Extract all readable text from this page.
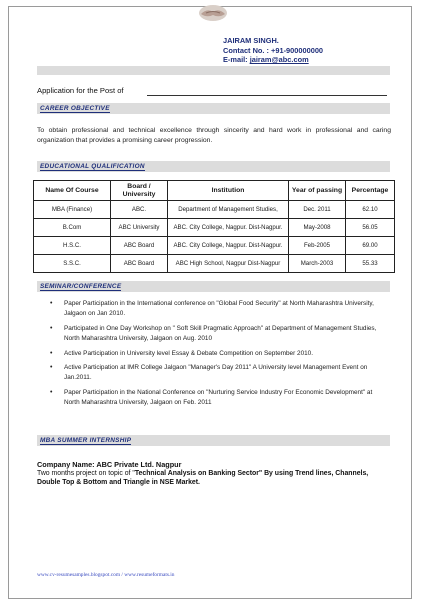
JAIRAM SINGH.
Contact No. : +91-900000000
E-mail: jairam@abc.com
Application for the Post of
CAREER OBJECTIVE
To obtain professional and technical excellence through sincerity and hard work in professional and caring organization that provides a promising career progression.
EDUCATIONAL QUALIFICATION
Name Of Course	Board / University	Institution	Year of passing	Percentage
MBA (Finance)	ABC.	Department of Management Studies,	Dec. 2011	62.10
B.Com	ABC University	ABC. City College, Nagpur. Dist-Nagpur.	May-2008	56.05
H.S.C.	ABC Board	ABC. City College, Nagpur. Dist-Nagpur.	Feb-2005	69.00
S.S.C.	ABC Board	ABC High School, Nagpur Dist-Nagpur	March-2003	55.33
SEMINAR/CONFERENCE
• Paper Participation in the International conference on "Global Food Security" at North Maharashtra University, Jalgaon on Jan 2010.
• Participated in One Day Workshop on " Soft Skill Pragmatic Approach" at Department of Management Studies, North Maharashtra University, Jalgaon on Aug. 2010
• Active Participation in University level Essay & Debate Competition on September 2010.
• Active Participation at IMR College Jalgaon "Manager's Day 2011" A University level Management Event on Jan.2011.
• Paper Participation in the National Conference on "Nurturing Service Industry For Economic Development" at North Maharashtra University, Jalgaon on Feb. 2011
MBA SUMMER INTERNSHIP
Company Name: ABC Private Ltd. Nagpur
Two months project on topic of "Technical Analysis on Banking Sector" By using Trend lines, Channels, Double Top & Bottom and Triangle in NSE Market.
www.cv-resumesamples.blogspot.com / www.resumeformats.in
